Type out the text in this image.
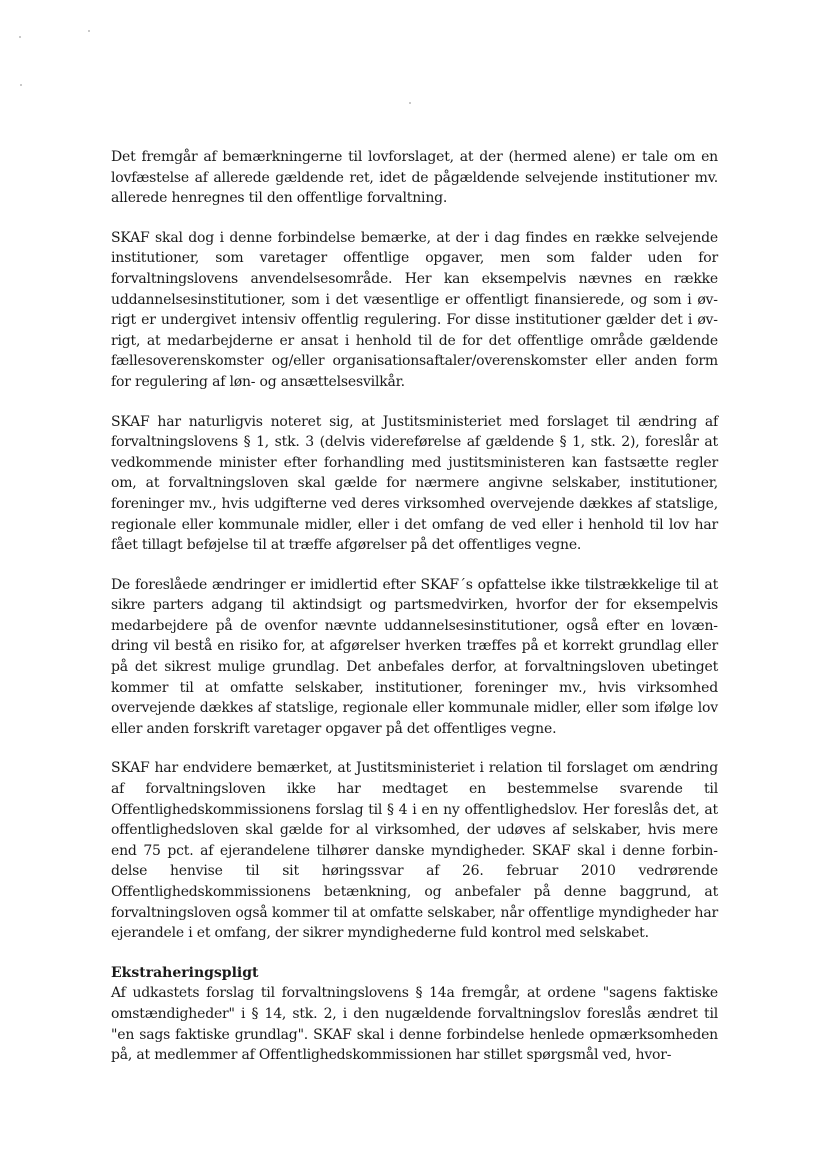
Det fremgår af bemærkningerne til lovforslaget, at der (hermed alene) er tale om en lovfæstelse af allerede gældende ret, idet de pågældende selvejende institutioner mv. allerede henregnes til den offentlige forvaltning.

SKAF skal dog i denne forbindelse bemærke, at der i dag findes en række selvejende institutioner, som varetager offentlige opgaver, men som falder uden for forvaltningslovens anvendelsesområde. Her kan eksempelvis nævnes en række uddannelsesinstitutioner, som i det væsentlige er offentligt finansierede, og som i øvrigt er undergivet intensiv offentlig regulering. For disse institutioner gælder det i øvrigt, at medarbejderne er ansat i henhold til de for det offentlige område gældende fællesoverenskomster og/eller organisationsaftaler/overenskomster eller anden form for regulering af løn- og ansættelsesvilkår.

SKAF har naturligvis noteret sig, at Justitsministeriet med forslaget til ændring af forvaltningslovens § 1, stk. 3 (delvis videreførelse af gældende § 1, stk. 2), foreslår at vedkommende minister efter forhandling med justitsministeren kan fastsætte regler om, at forvaltningsloven skal gælde for nærmere angivne selskaber, institutioner, foreninger mv., hvis udgifterne ved deres virksomhed overvejende dækkes af statslige, regionale eller kommunale midler, eller i det omfang de ved eller i henhold til lov har fået tillagt beføjelse til at træffe afgørelser på det offentliges vegne.

De foreslåede ændringer er imidlertid efter SKAF´s opfattelse ikke tilstrækkelige til at sikre parters adgang til aktindsigt og partsmedvirken, hvorfor der for eksempelvis medarbejdere på de ovenfor nævnte uddannelsesinstitutioner, også efter en lovændring vil bestå en risiko for, at afgørelser hverken træffes på et korrekt grundlag eller på det sikrest mulige grundlag. Det anbefales derfor, at forvaltningsloven ubetinget kommer til at omfatte selskaber, institutioner, foreninger mv., hvis virksomhed overvejende dækkes af statslige, regionale eller kommunale midler, eller som ifølge lov eller anden forskrift varetager opgaver på det offentliges vegne.

SKAF har endvidere bemærket, at Justitsministeriet i relation til forslaget om ændring af forvaltningsloven ikke har medtaget en bestemmelse svarende til Offentlighedskommissionens forslag til § 4 i en ny offentlighedslov. Her foreslås det, at offentlighedsloven skal gælde for al virksomhed, der udøves af selskaber, hvis mere end 75 pct. af ejerandelene tilhører danske myndigheder. SKAF skal i denne forbindelse henvise til sit høringssvar af 26. februar 2010 vedrørende Offentlighedskommissionens betænkning, og anbefaler på denne baggrund, at forvaltningsloven også kommer til at omfatte selskaber, når offentlige myndigheder har ejerandele i et omfang, der sikrer myndighederne fuld kontrol med selskabet.

Ekstraheringspligt

Af udkastets forslag til forvaltningslovens § 14a fremgår, at ordene "sagens faktiske omstændigheder" i § 14, stk. 2, i den nugældende forvaltningslov foreslås ændret til "en sags faktiske grundlag". SKAF skal i denne forbindelse henlede opmærksomheden på, at medlemmer af Offentlighedskommissionen har stillet spørgsmål ved, hvor-
